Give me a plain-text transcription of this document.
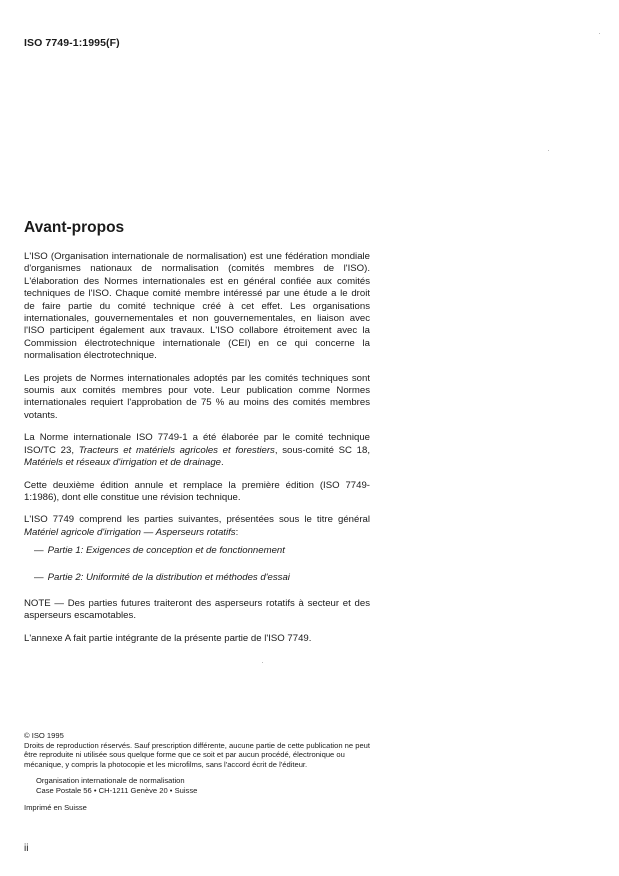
ISO 7749-1:1995(F)
Avant-propos

L'ISO (Organisation internationale de normalisation) est une fédération mondiale d'organismes nationaux de normalisation (comités membres de l'ISO). L'élaboration des Normes internationales est en général confiée aux comités techniques de l'ISO. Chaque comité membre intéressé par une étude a le droit de faire partie du comité technique créé à cet effet. Les organisations internationales, gouvernementales et non gouvernementales, en liaison avec l'ISO participent également aux travaux. L'ISO collabore étroitement avec la Commission électrotechnique internationale (CEI) en ce qui concerne la normalisation électrotechnique.

Les projets de Normes internationales adoptés par les comités techniques sont soumis aux comités membres pour vote. Leur publication comme Normes internationales requiert l'approbation de 75 % au moins des comités membres votants.

La Norme internationale ISO 7749-1 a été élaborée par le comité technique ISO/TC 23, Tracteurs et matériels agricoles et forestiers, sous-comité SC 18, Matériels et réseaux d'irrigation et de drainage.

Cette deuxième édition annule et remplace la première édition (ISO 7749-1:1986), dont elle constitue une révision technique.

L'ISO 7749 comprend les parties suivantes, présentées sous le titre général Matériel agricole d'irrigation — Asperseurs rotatifs:

— Partie 1: Exigences de conception et de fonctionnement
— Partie 2: Uniformité de la distribution et méthodes d'essai

NOTE — Des parties futures traiteront des asperseurs rotatifs à secteur et des asperseurs escamotables.

L'annexe A fait partie intégrante de la présente partie de l'ISO 7749.

© ISO 1995

Droits de reproduction réservés. Sauf prescription différente, aucune partie de cette publication ne peut être reproduite ni utilisée sous quelque forme que ce soit et par aucun procédé, électronique ou mécanique, y compris la photocopie et les microfilms, sans l'accord écrit de l'éditeur.

Organisation internationale de normalisation

Case Postale 56 • CH-1211 Genève 20 • Suisse

Imprimé en Suisse

ii
